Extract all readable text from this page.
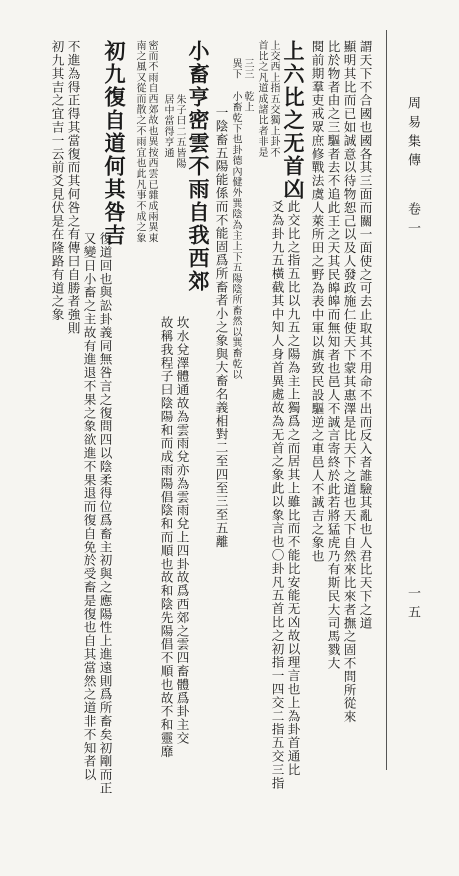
周易集傳
卷一
一五
謂天下不合國也國各其三面而關一面使之可去止取其不用命不出而反入者誰驗其亂也人君比天下之道
顯明其比而已如誠意以待物恕己以及人發政施仁使天下蒙其惠澤是比天下之道也天下自然來比來者撫之固不問所從來
比於物者由之三驅者去不追此王之天其民皞皞而無知者也邑人不誠言寄終於此若將猛虎乃有斯民大司馬戮大
閱前期羣吏戒眾庶修戰法虞人萊所田之野為表中軍以旗致民設驅逆之車邑人不誠吉之象也
上六比之无首凶
上交西上指五交獨上卦不
首比之凡道成諸比者非是
此交比之指五比以九五之陽為主上獨爲之而居其上雖比而不能比安能无凶故以理言也上為卦首通比
爻為卦九五橫截其中知人身首異處故為无首之象此以象言也〇卦凡五首比之初指一四交二指五交三指
三三 乾上
異下 小畜乾下也卦德內健外巽陰為主上下五陽陰所畜然以巽畜乾以
一陰畜五陽能係而不能固爲所畜者小之象與大畜名義相對二至四至三至五離
小畜亨密雲不雨自我西郊
朱子曰二五皆陽
居中當得亨通
坎水兌澤體通故為雲雨兌亦為雲雨兌上四卦故爲西郊之雲四畜體爲卦主交
故稱我程子曰陰陽和而成雨陽倡陰和而順也故和陰先陽倡不順也故不和靈靡
密而不雨自西郊故也異按西雲已雜成兩異東
南之風又從而散之不雨宜也此凡事不成之象
初九復自道何其咎吉
復道回也與訟卦義同無咎言之復問四以陰柔得位爲畜主初與之應陽性上進遠則爲所畜矣初剛而正
又變日小畜之主故有進退不果之象欲進不果退而復自免於受畜是復也自其當然之道非不知者以
不進為得正得其當復而其何咎之有傳曰自勝者強則
初九其吉之宜吉一云前爻見伏是在隆路有道之象
